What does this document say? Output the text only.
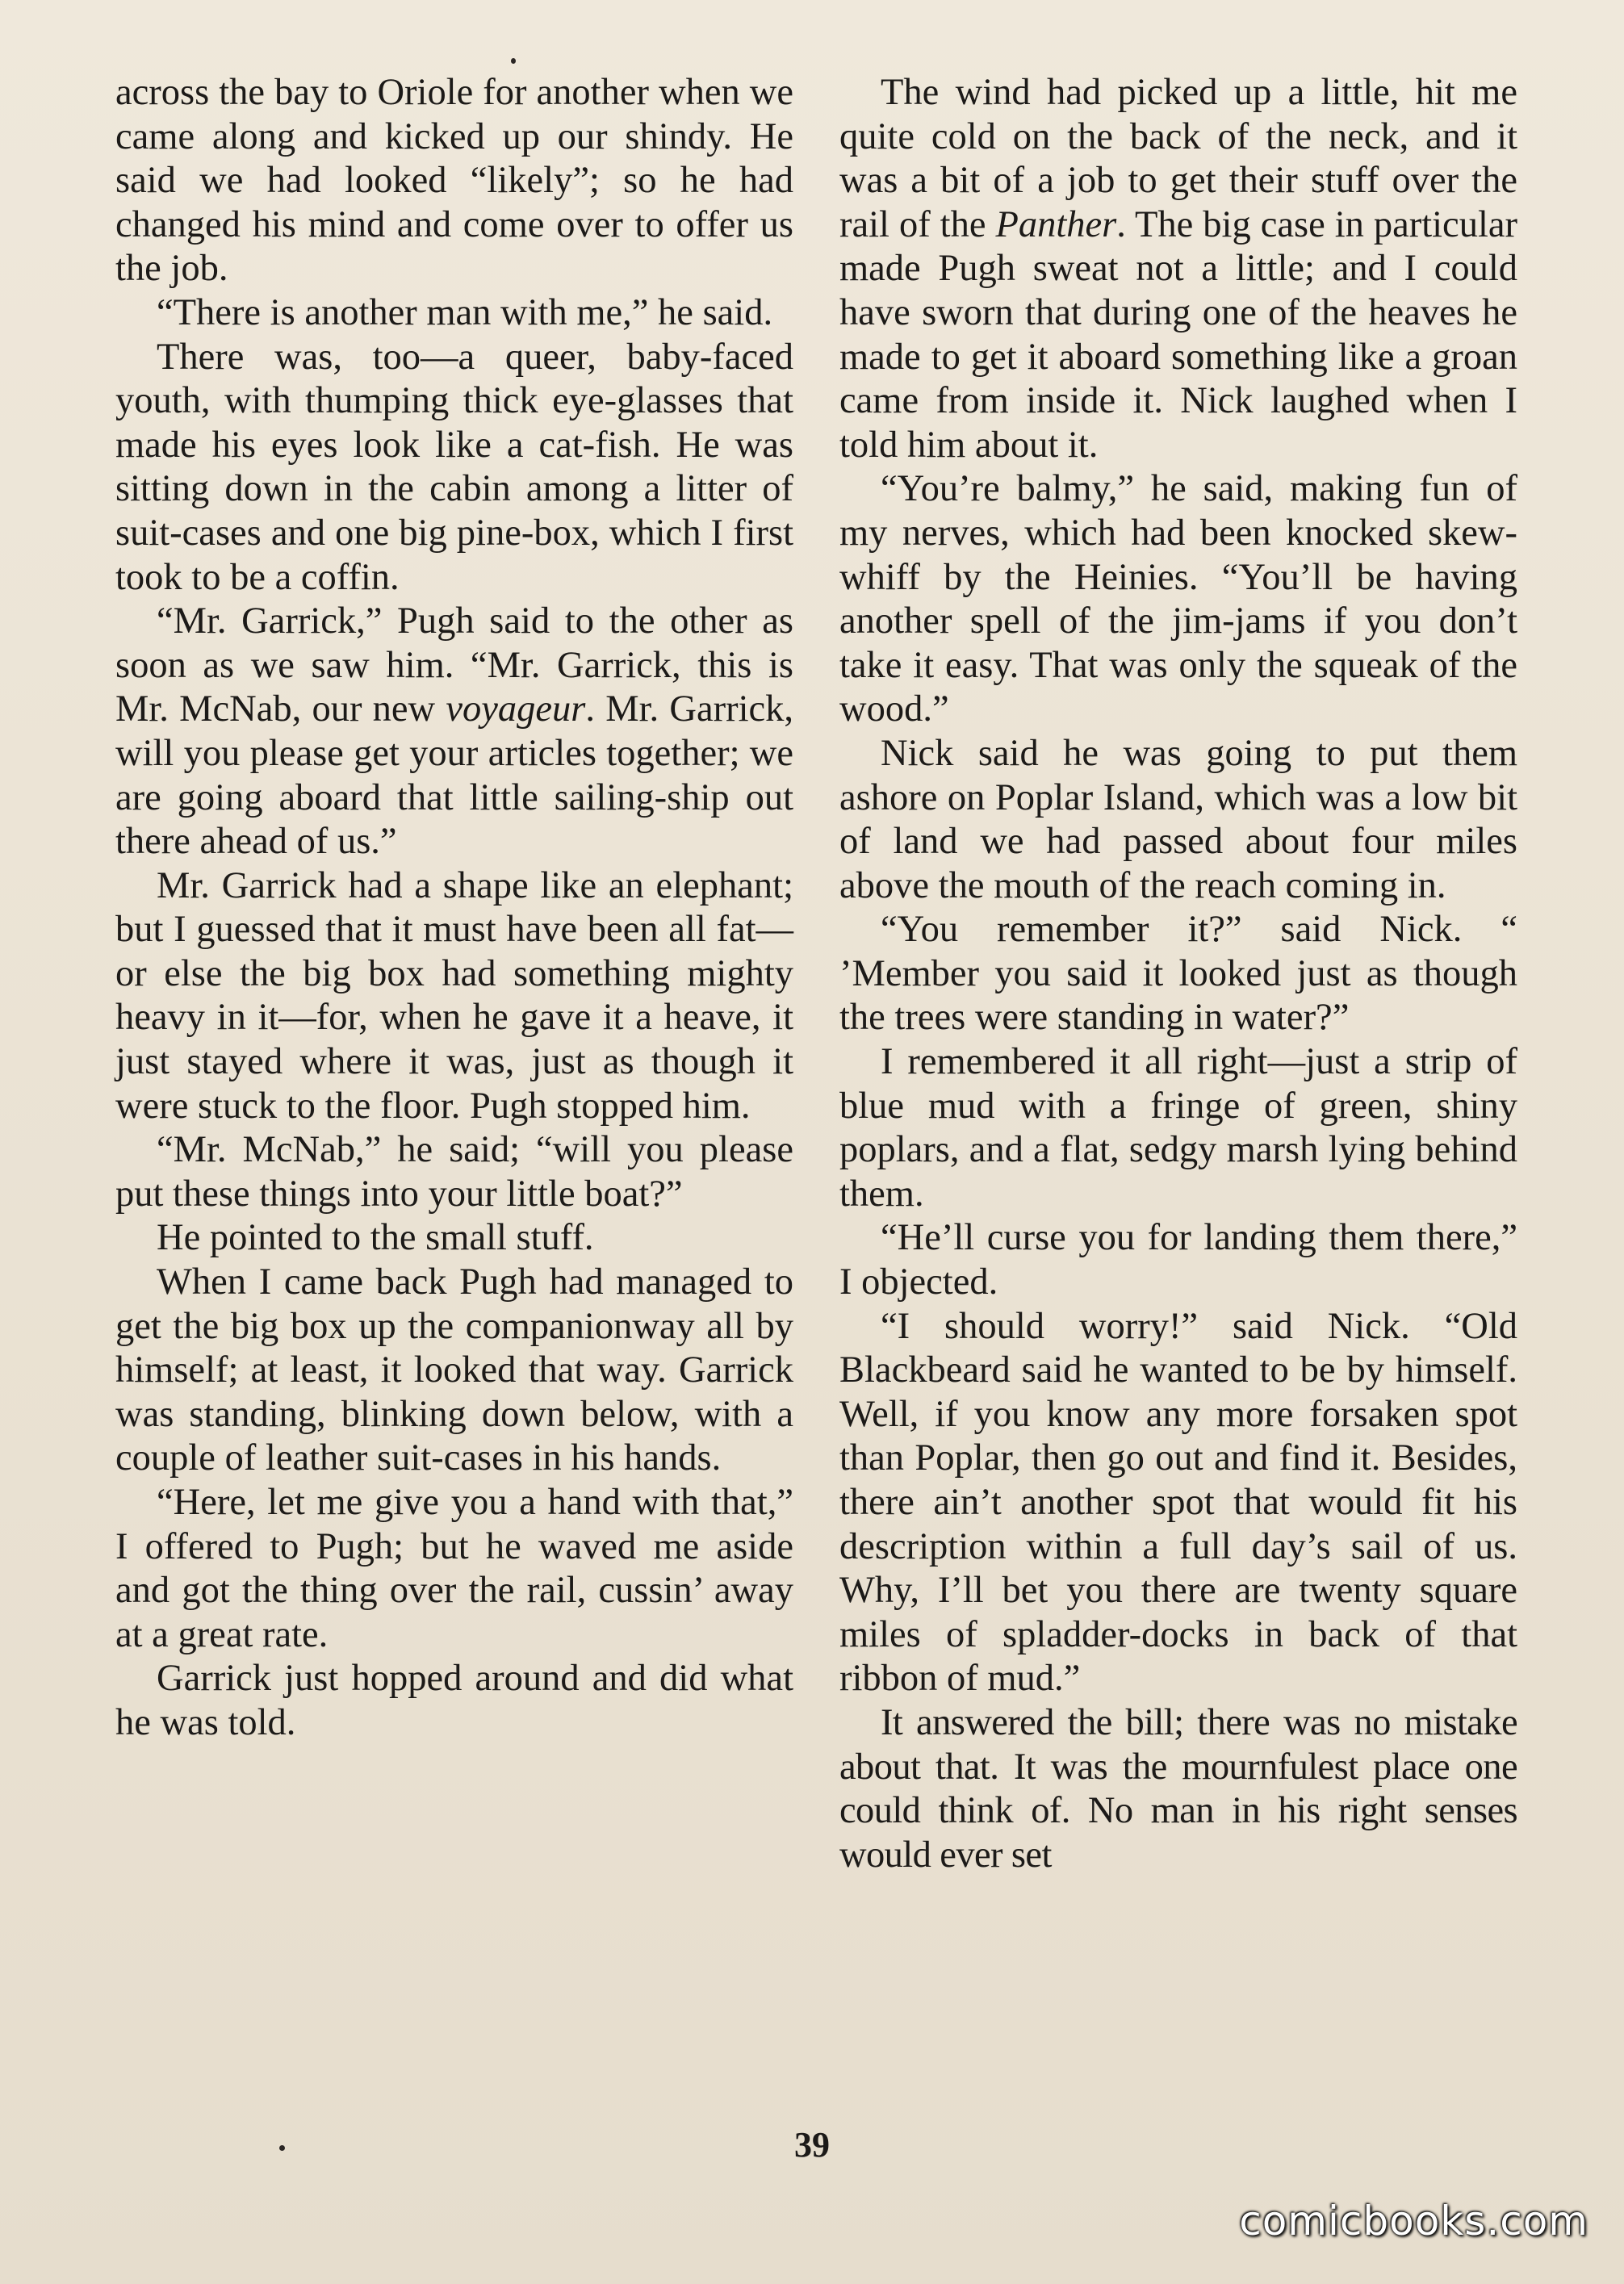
across the bay to Oriole for another when we came along and kicked up our shindy. He said we had looked “likely”; so he had changed his mind and come over to offer us the job.

“There is another man with me,” he said.

There was, too—a queer, baby-faced youth, with thumping thick eye-glasses that made his eyes look like a cat-fish. He was sitting down in the cabin among a litter of suit-cases and one big pine-box, which I first took to be a coffin.

“Mr. Garrick,” Pugh said to the other as soon as we saw him. “Mr. Garrick, this is Mr. McNab, our new voyageur. Mr. Garrick, will you please get your articles together; we are going aboard that little sailing-ship out there ahead of us.”

Mr. Garrick had a shape like an elephant; but I guessed that it must have been all fat—or else the big box had something mighty heavy in it—for, when he gave it a heave, it just stayed where it was, just as though it were stuck to the floor. Pugh stopped him.

“Mr. McNab,” he said; “will you please put these things into your little boat?”

He pointed to the small stuff.

When I came back Pugh had managed to get the big box up the companionway all by himself; at least, it looked that way. Garrick was standing, blinking down below, with a couple of leather suit-cases in his hands.

“Here, let me give you a hand with that,” I offered to Pugh; but he waved me aside and got the thing over the rail, cussin’ away at a great rate.

Garrick just hopped around and did what he was told.

The wind had picked up a little, hit me quite cold on the back of the neck, and it was a bit of a job to get their stuff over the rail of the Panther. The big case in particular made Pugh sweat not a little; and I could have sworn that during one of the heaves he made to get it aboard something like a groan came from inside it. Nick laughed when I told him about it.

“You’re balmy,” he said, making fun of my nerves, which had been knocked skew-whiff by the Heinies. “You’ll be having another spell of the jim-jams if you don’t take it easy. That was only the squeak of the wood.”

Nick said he was going to put them ashore on Poplar Island, which was a low bit of land we had passed about four miles above the mouth of the reach coming in.

“You remember it?” said Nick. “ ’Member you said it looked just as though the trees were standing in water?”

I remembered it all right—just a strip of blue mud with a fringe of green, shiny poplars, and a flat, sedgy marsh lying behind them.

“He’ll curse you for landing them there,” I objected.

“I should worry!” said Nick. “Old Blackbeard said he wanted to be by himself. Well, if you know any more forsaken spot than Poplar, then go out and find it. Besides, there ain’t another spot that would fit his description within a full day’s sail of us. Why, I’ll bet you there are twenty square miles of spladder-docks in back of that ribbon of mud.”

It answered the bill; there was no mistake about that. It was the mournfulest place one could think of. No man in his right senses would ever set

39
comicbooks.com
